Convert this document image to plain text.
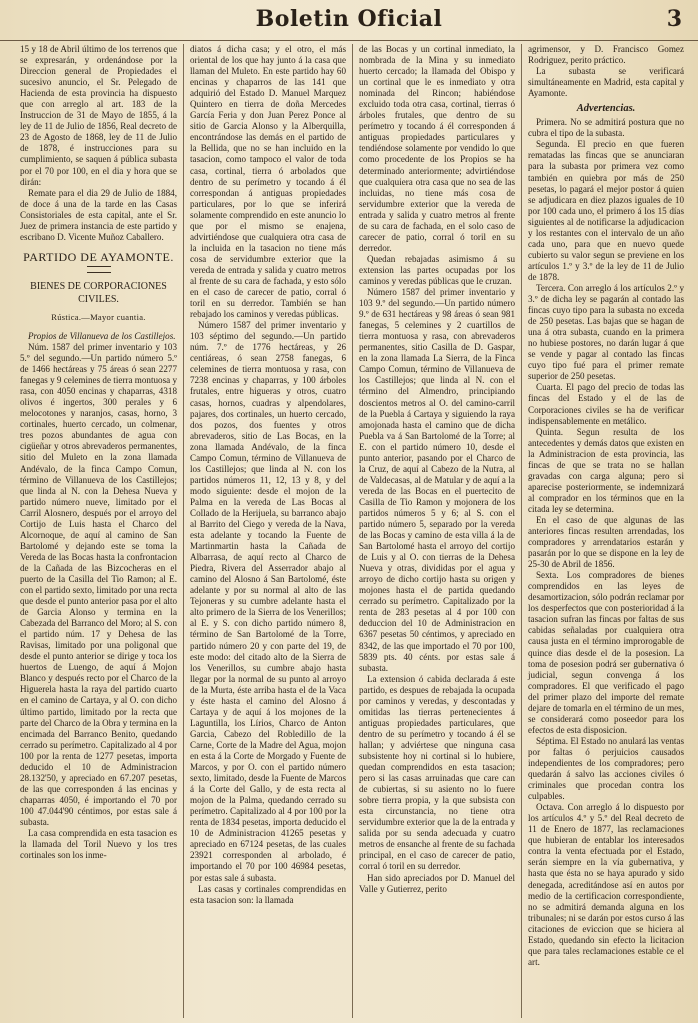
Boletin Oficial	3

15 y 18 de Abril último de los terrenos que se expresarán, y ordenándose por la Direccion general de Propiedades el sucesivo anuncio, el Sr. Pelegado de Hacienda de esta provincia ha dispuesto que con arreglo al art. 183 de la Instruccion de 31 de Mayo de 1855, á la ley de 11 de Julio de 1856, Real decreto de 23 de Agosto de 1868, ley de 11 de Julio de 1878, é instrucciones para su cumplimiento, se saquen á pública subasta por el 70 por 100, en el dia y hora que se dirán:

Remate para el dia 29 de Julio de 1884, de doce á una de la tarde en las Casas Consistoriales de esta capital, ante el Sr. Juez de primera instancia de este partido y escribano D. Vicente Muñoz Caballero.

PARTIDO DE AYAMONTE.
BIENES DE CORPORACIONES CIVILES.
Rústica.—Mayor cuantia.

Propios de Villanueva de los Castillejos.

Núm. 1587 del primer inventario y 103 5.º del segundo.—Un partido número 5.º de 1466 hectáreas y 75 áreas ó sean 2277 fanegas y 9 celemines de tierra montuosa y rasa, con 4050 encinas y chaparras, 4318 olivos é ingertos, 300 perales y 6 melocotones y naranjos, casas, horno, 3 cortinales, huerto cercado, un colmenar, tres pozos abundantes de agua con cigüeñar y otros abrevaderos permanentes, sitio del Muleto en la zona llamada Andévalo, de la finca Campo Comun, término de Villanueva de los Castillejos; que linda al N. con la Dehesa Nueva y partido número nueve, limitado por el Carril Alosnero, después por el arroyo del Cortijo de Luis hasta el Charco del Alcornoque, de aquí al camino de San Bartolomé y dejando este se toma la Vereda de las Bocas hasta la confrontacion de la Cañada de las Bizcocheras en el puerto de la Casilla del Tio Ramon; al E. con el partido sexto, limitado por una recta que desde el punto anterior pasa por el alto de Garcia Alonso y termina en la Cabezada del Barranco del Moro; al S. con el partido núm. 17 y Dehesa de las Ravisas, limitado por una poligonal que desde el punto anterior se dirige y toca los huertos de Luengo, de aquí á Mojon Blanco y después recto por el Charco de la Higuerela hasta la raya del partido cuarto en el camino de Cartaya, y al O. con dicho último partido, limitado por la recta que parte del Charco de la Obra y termina en la encimada del Barranco Benito, quedando cerrado su perímetro. Capitalizado al 4 por 100 por la renta de 1277 pesetas, importa deducido el 10 de Administracion 28.132'50, y apreciado en 67.207 pesetas, de las que corresponden á las encinas y chaparras 4050, é importando el 70 por 100 47.044'90 céntimos, por estas sale á subasta.

La casa comprendida en esta tasacion es la llamada del Toril Nuevo y los tres cortinales son los inme-

diatos á dicha casa; y el otro, el más oriental de los que hay junto á la casa que llaman del Muleto. En este partido hay 60 encinas y chaparros de las 141 que adquirió del Estado D. Manuel Marquez Quintero en tierra de doña Mercedes García Feria y don Juan Perez Ponce al sitio de Garcia Alonso y la Alberquilla, encontrándose las demás en el partido de la Bellida, que no se han incluido en la tasacion, como tampoco el valor de toda casa, cortinal, tierra ó arbolados que dentro de su perímetro y tocando á él correspondan á antiguas propiedades particulares, por lo que se inferirá solamente comprendido en este anuncio lo que por el mismo se enajena, advirtiéndose que cualquiera otra casa de la incluida en la tasacion no tiene más cosa de servidumbre exterior que la vereda de entrada y salida y cuatro metros al frente de su cara de fachada, y esto sólo en el caso de carecer de patio, corral ó toril en su derredor. También se han rebajado los caminos y veredas públicas.

Número 1587 del primer inventario y 103 séptimo del segundo.—Un partido núm. 7.º de 1776 hectáreas, y 26 centiáreas, ó sean 2758 fanegas, 6 celemines de tierra montuosa y rasa, con 7238 encinas y chaparras, y 100 árboles frutales, entre higueras y otros, cuatro casas, hornos, cuadras y alpendolares, pajares, dos cortinales, un huerto cercado, dos pozos, dos fuentes y otros abrevaderos, sitio de Las Bocas, en la zona llamada Andévalo, de la finca Campo Comun, término de Villanueva de los Castillejos; que linda al N. con los partidos números 11, 12, 13 y 8, y del modo siguiente: desde el mojon de la Palma en la vereda de Las Bocas al Collado de la Herijuela, su barranco abajo al Barrito del Ciego y vereda de la Nava, esta adelante y tocando la Fuente de Martinmartin hasta la Cañada de Albarrasa, de aquí recto al Charco de Piedra, Rivera del Asserrador abajo al camino del Alosno á San Bartolomé, éste adelante y por su normal al alto de las Tejoneras y su cumbre adelante hasta el alto primero de la Sierra de los Venerillos; al E. y S. con dicho partido número 8, término de San Bartolomé de la Torre, partido número 20 y con parte del 19, de este modo: del citado alto de la Sierra de los Venerillos, su cumbre abajo hasta llegar por la normal de su punto al arroyo de la Murta, éste arriba hasta el de la Vaca y éste hasta el camino del Alosno á Cartaya y de aquí á los mojones de la Laguntilla, los Lírios, Charco de Anton Garcia, Cabezo del Robledillo de la Carne, Corte de la Madre del Agua, mojon en esta á la Corte de Morgado y Fuente de Marcos, y por O. con el partido número sexto, limitado, desde la Fuente de Marcos á la Corte del Gallo, y de esta recta al mojon de la Palma, quedando cerrado su perímetro. Capitalizado al 4 por 100 por la renta de 1834 pesetas, importa deducido el 10 de Administracion 41265 pesetas y apreciado en 67124 pesetas, de las cuales 23921 corresponden al arbolado, é importando el 70 por 100 46984 pesetas, por estas sale á subasta.

Las casas y cortinales comprendidas en esta tasacion son: la llamada

de las Bocas y un cortinal inmediato, la nombrada de la Mina y su inmediato huerto cercado; la llamada del Obispo y un cortinal que le es inmediato y otra nominada del Rincon; habiéndose excluido toda otra casa, cortinal, tierras ó árboles frutales, que dentro de su perímetro y tocando á él corresponden á antiguas propiedades particulares y tendiéndose solamente por vendido lo que como procedente de los Propios se ha determinado anteriormente; advirtiéndose que cualquiera otra casa que no sea de las incluidas, no tiene más cosa de servidumbre exterior que la vereda de entrada y salida y cuatro metros al frente de su cara de fachada, en el solo caso de carecer de patio, corral ó toril en su derredor.

Quedan rebajadas asimismo á su extension las partes ocupadas por los caminos y veredas públicas que le cruzan.

Número 1587 del primer inventario y 103 9.º del segundo.—Un partido número 9.º de 631 hectáreas y 98 áreas ó sean 981 fanegas, 5 celemines y 2 cuartillos de tierra montuosa y rasa, con abrevaderos permanentes, sitio Casilla de D. Gaspar, en la zona llamada La Sierra, de la Finca Campo Comun, término de Villanueva de los Castillejos; que linda al N. con el término del Almendro, principiando doscientos metros al O. del camino-carril de la Puebla á Cartaya y siguiendo la raya amojonada hasta el camino que de dicha Puebla va á San Bartolomé de la Torre; al E. con el partido número 10, desde el punto anterior, pasando por el Charco de la Cruz, de aquí al Cabezo de la Nutra, al de Valdecasas, al de Matular y de aquí a la vereda de las Bocas en el puertecito de Casilla de Tio Ramon y mojonera de los partidos números 5 y 6; al S. con el partido número 5, separado por la vereda de las Bocas y camino de esta villa á la de San Bartolomé hasta el arroyo del cortijo de Luis y al O. con tierras de la Dehesa Nueva y otras, divididas por el agua y arroyo de dicho cortijo hasta su origen y mojones hasta el de partida quedando cerrado su perímetro. Capitalizado por la renta de 283 pesetas al 4 por 100 con deduccion del 10 de Administracion en 6367 pesetas 50 céntimos, y apreciado en 8342, de las que importado el 70 por 100, 5839 pts. 40 cénts. por estas sale á subasta.

La extension ó cabida declarada á este partido, es despues de rebajada la ocupada por caminos y veredas, y descontadas y omitidas las tierras pertenecientes á antiguas propiedades particulares, que dentro de su perímetro y tocando á él se hallan; y adviértese que ninguna casa subsistente hoy ni cortinal si lo hubiere, quedan comprendidos en esta tasacion; pero si las casas arruinadas que care can de cubiertas, si su asiento no lo fuere sobre tierra propia, y la que subsista con esta circunstancia, no tiene otra servidumbre exterior que la de la entrada y salida por su senda adecuada y cuatro metros de ensanche al frente de su fachada principal, en el caso de carecer de patio, corral ó toril en su derredor.

Han sido apreciados por D. Manuel del Valle y Gutierrez, perito

agrimensor, y D. Francisco Gomez Rodriguez, perito práctico.

La subasta se verificará simultáneamente en Madrid, esta capital y Ayamonte.

Advertencias.

Primera. No se admitirá postura que no cubra el tipo de la subasta.

Segunda. El precio en que fueren rematadas las fincas que se anunciaran para la subasta por primera vez como también en quiebra por más de 250 pesetas, lo pagará el mejor postor á quien se adjudicara en diez plazos iguales de 10 por 100 cada uno, el primero á los 15 días siguientes al de notificarse la adjudicacion y los restantes con el intervalo de un año cada uno, para que en nuevo quede cubierto su valor segun se previene en los artículos 1.º y 3.º de la ley de 11 de Julio de 1878.

Tercera. Con arreglo á los artículos 2.º y 3.º de dicha ley se pagarán al contado las fincas cuyo tipo para la subasta no exceda de 250 pesetas. Las bajas que se hagan de una á otra subasta, cuando en la primera no hubiese postores, no darán lugar á que se vende y pagar al contado las fincas cuyo tipo fué para el primer remate superior de 250 pesetas.

Cuarta. El pago del precio de todas las fincas del Estado y el de las de Corporaciones civiles se ha de verificar indispensablemente en metálico.

Quinta. Segun resulta de los antecedentes y demás datos que existen en la Administracion de esta provincia, las fincas de que se trata no se hallan gravadas con carga alguna; pero si aparecise posteriormente, se indemnizará al comprador en los términos que en la citada ley se determina.

En el caso de que algunas de las anteriores fincas resulten arrendadas, los compradores y arrendatarios estarán y pasarán por lo que se dispone en la ley de 25-30 de Abril de 1856.

Sexta. Los compradores de bienes comprendidos en las leyes de desamortizacion, sólo podrán reclamar por los desperfectos que con posterioridad á la tasacion sufran las fincas por faltas de sus cabidas señaladas por cualquiera otra causa justa en el término improrogable de quince dias desde el de la posesion. La toma de posesion podrá ser gubernativa ó judicial, segun convenga á los compradores. El que verificado el pago del primer plazo del importe del remate dejare de tomarla en el término de un mes, se considerará como poseedor para los efectos de esta disposicion.

Séptima. El Estado no anulará las ventas por faltas ó perjuicios causados independientes de los compradores; pero quedarán á salvo las acciones civiles ó criminales que procedan contra los culpables.

Octava. Con arreglo á lo dispuesto por los artículos 4.º y 5.º del Real decreto de 11 de Enero de 1877, las reclamaciones que hubieran de entablar los interesados contra la venta efectuada por el Estado, serán siempre en la vía gubernativa, y hasta que ésta no se haya apurado y sido denegada, acreditándose así en autos por medio de la certificacion correspondiente, no se admitirá demanda alguna en los tribunales; ni se darán por estos curso á las citaciones de eviccion que se hiciera al Estado, quedando sin efecto la licitacion que para tales reclamaciones estable ce el art.
